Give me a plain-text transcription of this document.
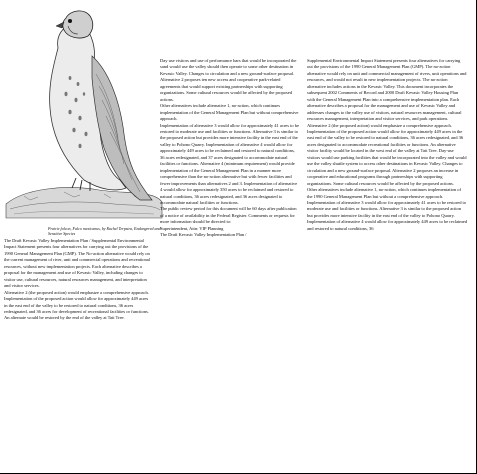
Prairie falcon, Falco mexicanus, by Rachel Terpstra, Endangered and Sensitive Species

The Draft Kevasic Valley Implementation Plan / Supplemental Environmental Impact Statement presents four alternatives for carrying out the provisions of the 1990 General Management Plan (GMP). The No-action alternative would rely on the current management of river, unit and commercial operations and recreational resources, without new implementation projects. Each alternative describes a proposal for the management and use of Kevasic Valley, including changes to visitor use, cultural resources, natural resources management, and interpretation and visitor services.

Alternative 2 (the proposed action) would emphasize a comprehensive approach. Implementation of the proposed action would allow for approximately 449 acres in the east end of the valley to be restored to natural conditions, 36 acres redesignated, and 36 acres for development of recreational facilities or functions. An alternate would be restored by the end of the valley at Tait Tree.

Day use visitors and use of performance bars that would be incorporated the sand would use the valley should then operate to some other destination in Kevasic Valley. Changes to circulation and a new ground-surface proposal. Alternative 2 proposes ten new access and cooperative park-related agreements that would support existing partnerships with supporting organizations. Some cultural resources would be affected by the proposed actions.

Other alternatives include alternative 1, no-action, which continues implementation of the General Management Plan but without comprehensive approach.

Implementation of alternative 3 would allow for approximately 41 acres to be restored to moderate use and facilities or functions. Alternative 3 is similar to the proposed action but provides more intensive facility in the east end of the valley to Pohono Quarry. Implementation of alternative 4 would allow for approximately 449 acres to be reclaimed and restored to natural conditions, 36 acres redesignated, and 37 acres designated to accommodate natural facilities or functions. Alternative 4 (minimum requirement) would provide implementation of the General Management Plan in a manner more comprehensive than the no-action alternative but with fewer facilities and fewer improvements than alternatives 2 and 3. Implementation of alternative 4 would allow for approximately 350 acres to be reclaimed and restored to natural conditions, 36 acres redesignated, and 36 acres designated to accommodate natural facilities or functions.

The public review period for this document will be 60 days after publication of a notice of availability in the Federal Register. Comments or requests for more information should be directed to:

Superintendent, Attn: VIP Planning

The Draft Kevasic Valley Implementation Plan /

Supplemental Environmental Impact Statement presents four alternatives for carrying out the provisions of the 1990 General Management Plan (GMP). The no-action alternative would rely on unit and commercial management of rivers, unit operations and resources, and would not result in new implementation projects. The no-action alternative includes actions in the Kevasic Valley. This document incorporates the subsequent 2002 Comments of Record and 2000 Draft Kevasic Valley Housing Plan with the General Management Plan into a comprehensive implementation plan. Each alternative describes a proposal for the management and use of Kevasic Valley and addresses changes to the valley use of visitors, natural resources management, cultural resources management, interpretation and visitor services, and park operations.

Alternative 2 (the proposed action) would emphasize a comprehensive approach. Implementation of the proposed action would allow for approximately 449 acres in the east end of the valley to be restored to natural conditions, 36 acres redesignated, and 36 acres designated to accommodate recreational facilities or functions. An alternative visitor facility would be located in the west end of the valley at Tait Tree. Day-use visitors would use parking facilities that would be incorporated into the valley and would use the valley shuttle system to access other destinations in Kevasic Valley. Changes to circulation and a new ground-surface proposal. Alternative 2 proposes an increase in cooperative and educational programs through partnerships with supporting organizations. Some cultural resources would be affected by the proposed actions.

Other alternatives include alternative 1, no-action, which continues implementation of the 1990 General Management Plan but without a comprehensive approach. Implementation of alternative 3 would allow for approximately 41 acres to be restored to moderate use and facilities or functions. Alternative 3 is similar to the proposed action but provides more intensive facility in the east end of the valley to Pohono Quarry. Implementation of alternative 4 would allow for approximately 449 acres to be reclaimed and restored to natural conditions, 36
